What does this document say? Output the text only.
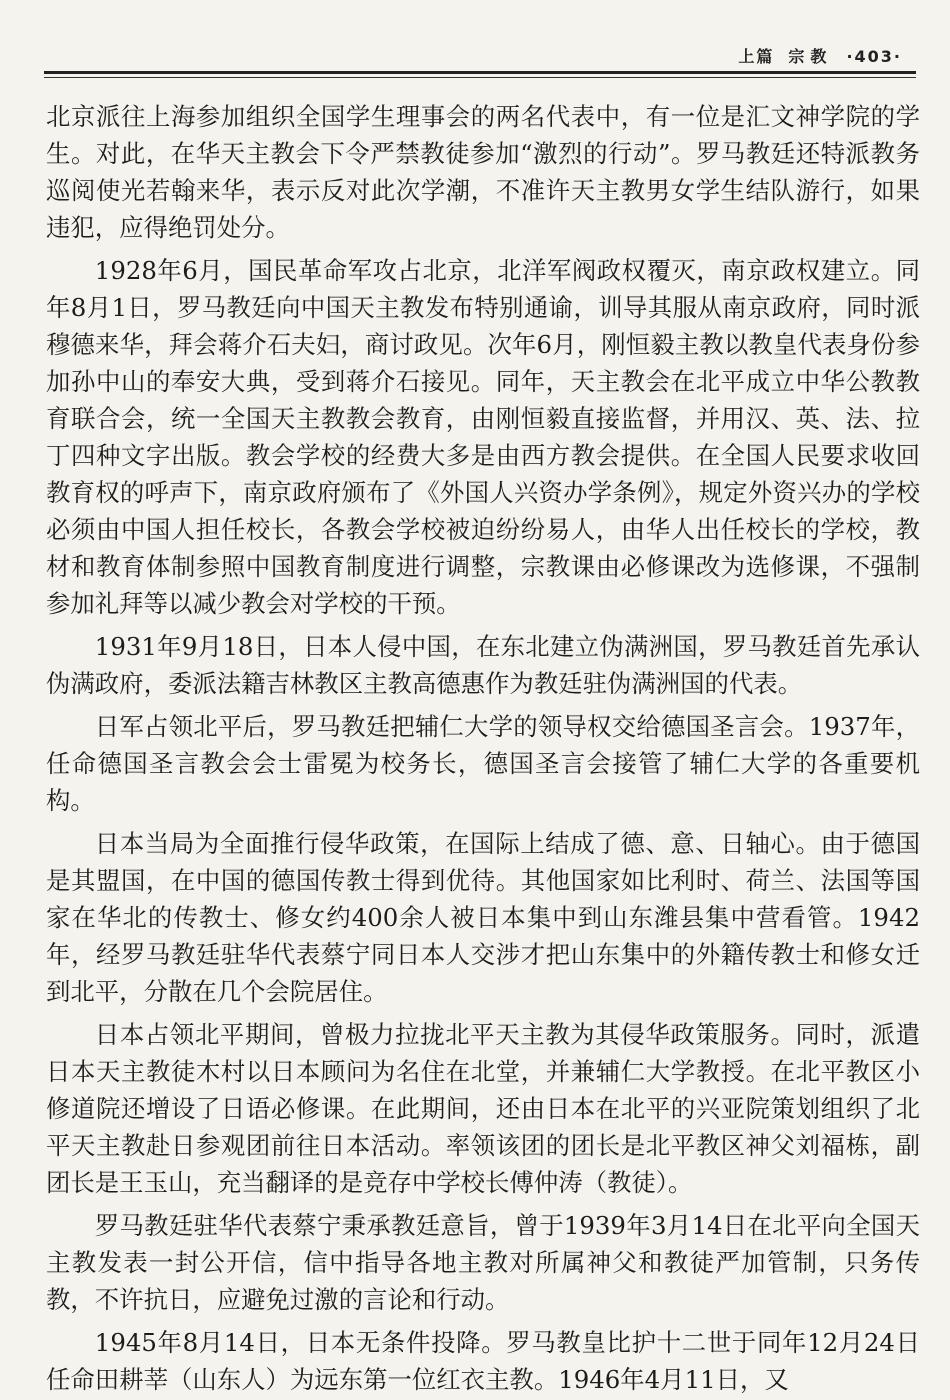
上篇 宗教 ·403·

北京派往上海参加组织全国学生理事会的两名代表中，有一位是汇文神学院的学生。对此，在华天主教会下令严禁教徒参加“激烈的行动”。罗马教廷还特派教务巡阅使光若翰来华，表示反对此次学潮，不准许天主教男女学生结队游行，如果违犯，应得绝罚处分。

1928年6月，国民革命军攻占北京，北洋军阀政权覆灭，南京政权建立。同年8月1日，罗马教廷向中国天主教发布特别通谕，训导其服从南京政府，同时派穆德来华，拜会蒋介石夫妇，商讨政见。次年6月，刚恒毅主教以教皇代表身份参加孙中山的奉安大典，受到蒋介石接见。同年，天主教会在北平成立中华公教教育联合会，统一全国天主教教会教育，由刚恒毅直接监督，并用汉、英、法、拉丁四种文字出版。教会学校的经费大多是由西方教会提供。在全国人民要求收回教育权的呼声下，南京政府颁布了《外国人兴资办学条例》，规定外资兴办的学校必须由中国人担任校长，各教会学校被迫纷纷易人，由华人出任校长的学校，教材和教育体制参照中国教育制度进行调整，宗教课由必修课改为选修课，不强制参加礼拜等以减少教会对学校的干预。

1931年9月18日，日本人侵中国，在东北建立伪满洲国，罗马教廷首先承认伪满政府，委派法籍吉林教区主教高德惠作为教廷驻伪满洲国的代表。

日军占领北平后，罗马教廷把辅仁大学的领导权交给德国圣言会。1937年，任命德国圣言教会会士雷冕为校务长，德国圣言会接管了辅仁大学的各重要机构。

日本当局为全面推行侵华政策，在国际上结成了德、意、日轴心。由于德国是其盟国，在中国的德国传教士得到优待。其他国家如比利时、荷兰、法国等国家在华北的传教士、修女约400余人被日本集中到山东潍县集中营看管。1942年，经罗马教廷驻华代表蔡宁同日本人交涉才把山东集中的外籍传教士和修女迁到北平，分散在几个会院居住。

日本占领北平期间，曾极力拉拢北平天主教为其侵华政策服务。同时，派遣日本天主教徒木村以日本顾问为名住在北堂，并兼辅仁大学教授。在北平教区小修道院还增设了日语必修课。在此期间，还由日本在北平的兴亚院策划组织了北平天主教赴日参观团前往日本活动。率领该团的团长是北平教区神父刘福栋，副团长是王玉山，充当翻译的是竞存中学校长傅仲涛（教徒）。

罗马教廷驻华代表蔡宁秉承教廷意旨，曾于1939年3月14日在北平向全国天主教发表一封公开信，信中指导各地主教对所属神父和教徒严加管制，只务传教，不许抗日，应避免过激的言论和行动。

1945年8月14日，日本无条件投降。罗马教皇比护十二世于同年12月24日任命田耕莘（山东人）为远东第一位红衣主教。1946年4月11日，又
